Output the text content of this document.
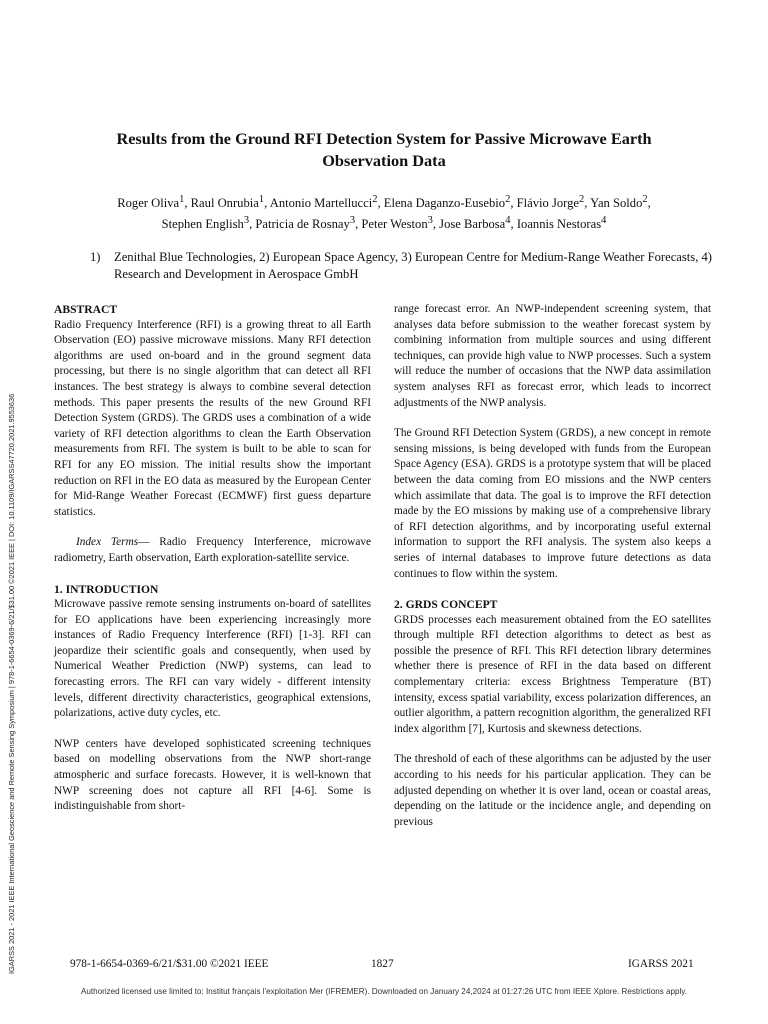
IGARSS 2021 - 2021 IEEE International Geoscience and Remote Sensing Symposium | 978-1-6654-0369-6/21/$31.00 ©2021 IEEE | DOI: 10.1109/IGARSS47720.2021.9553636
Results from the Ground RFI Detection System for Passive Microwave Earth
Observation Data
Roger Oliva$^1$, Raul Onrubia$^1$, Antonio Martellucci$^2$, Elena Daganzo-Eusebio$^2$, Flávio Jorge$^2$, Yan Soldo$^2$,
Stephen English$^3$, Patricia de Rosnay$^3$, Peter Weston$^3$, Jose Barbosa$^4$, Ioannis Nestoras$^4$
1) Zenithal Blue Technologies, 2) European Space Agency, 3) European Centre for Medium-Range Weather Forecasts, 4) Research and Development in Aerospace GmbH

ABSTRACT

Radio Frequency Interference (RFI) is a growing threat to all Earth Observation (EO) passive microwave missions. Many RFI detection algorithms are used on-board and in the ground segment data processing, but there is no single algorithm that can detect all RFI instances. The best strategy is always to combine several detection methods. This paper presents the results of the new Ground RFI Detection System (GRDS). The GRDS uses a combination of a wide variety of RFI detection algorithms to clean the Earth Observation measurements from RFI. The system is built to be able to scan for RFI for any EO mission. The initial results show the important reduction on RFI in the EO data as measured by the European Center for Mid-Range Weather Forecast (ECMWF) first guess departure statistics.

Index Terms— Radio Frequency Interference, microwave radiometry, Earth observation, Earth exploration-satellite service.

1. INTRODUCTION

Microwave passive remote sensing instruments on-board of satellites for EO applications have been experiencing increasingly more instances of Radio Frequency Interference (RFI) [1-3]. RFI can jeopardize their scientific goals and consequently, when used by Numerical Weather Prediction (NWP) systems, can lead to forecasting errors. The RFI can vary widely - different intensity levels, different directivity characteristics, geographical extensions, polarizations, active duty cycles, etc.

NWP centers have developed sophisticated screening techniques based on modelling observations from the NWP short-range atmospheric and surface forecasts. However, it is well-known that NWP screening does not capture all RFI [4-6]. Some is indistinguishable from short-

range forecast error. An NWP-independent screening system, that analyses data before submission to the weather forecast system by combining information from multiple sources and using different techniques, can provide high value to NWP processes. Such a system will reduce the number of occasions that the NWP data assimilation system analyses RFI as forecast error, which leads to incorrect adjustments of the NWP analysis.

The Ground RFI Detection System (GRDS), a new concept in remote sensing missions, is being developed with funds from the European Space Agency (ESA). GRDS is a prototype system that will be placed between the data coming from EO missions and the NWP centers which assimilate that data. The goal is to improve the RFI detection made by the EO missions by making use of a comprehensive library of RFI detection algorithms, and by incorporating useful external information to support the RFI analysis. The system also keeps a series of internal databases to improve future detections as data continues to flow within the system.

2. GRDS CONCEPT

GRDS processes each measurement obtained from the EO satellites through multiple RFI detection algorithms to detect as best as possible the presence of RFI. This RFI detection library determines whether there is presence of RFI in the data based on different complementary criteria: excess Brightness Temperature (BT) intensity, excess spatial variability, excess polarization differences, an outlier algorithm, a pattern recognition algorithm, the generalized RFI index algorithm [7], Kurtosis and skewness detections.

The threshold of each of these algorithms can be adjusted by the user according to his needs for his particular application. They can be adjusted depending on whether it is over land, ocean or coastal areas, depending on the latitude or the incidence angle, and depending on previous

978-1-6654-0369-6/21/$31.00 ©2021 IEEE	1827	IGARSS 2021
Authorized licensed use limited to: Institut français l'exploitation Mer (IFREMER). Downloaded on January 24,2024 at 01:27:26 UTC from IEEE Xplore. Restrictions apply.
